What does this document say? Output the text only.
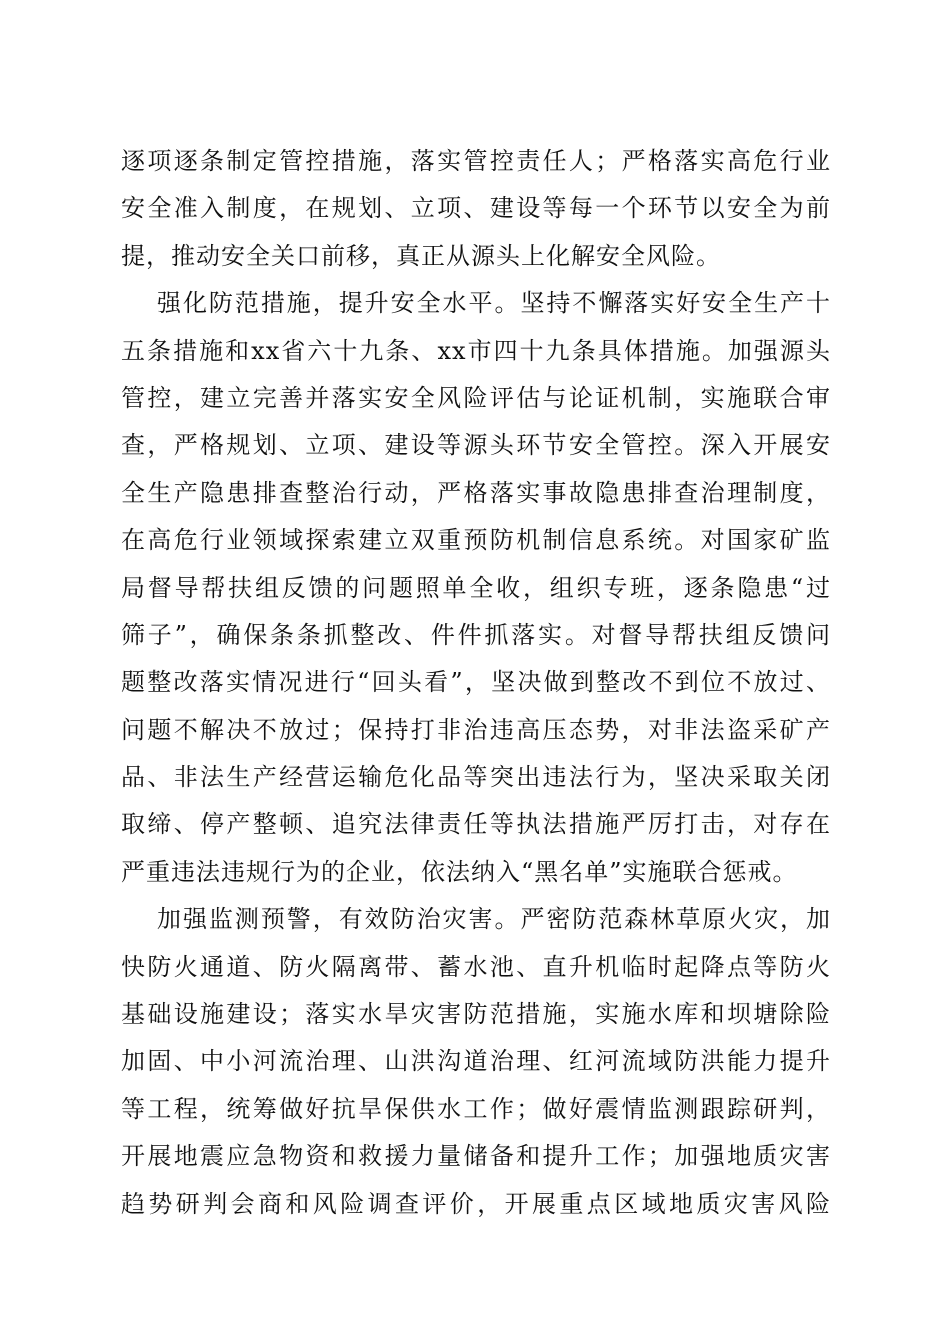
逐项逐条制定管控措施，落实管控责任人；严格落实高危行业
安全准入制度，在规划、立项、建设等每一个环节以安全为前
提，推动安全关口前移，真正从源头上化解安全风险。
强化防范措施，提升安全水平。坚持不懈落实好安全生产十
五条措施和xx省六十九条、xx市四十九条具体措施。加强源头
管控，建立完善并落实安全风险评估与论证机制，实施联合审
查，严格规划、立项、建设等源头环节安全管控。深入开展安
全生产隐患排查整治行动，严格落实事故隐患排查治理制度，
在高危行业领域探索建立双重预防机制信息系统。对国家矿监
局督导帮扶组反馈的问题照单全收，组织专班，逐条隐患“过
筛子”，确保条条抓整改、件件抓落实。对督导帮扶组反馈问
题整改落实情况进行“回头看”，坚决做到整改不到位不放过、
问题不解决不放过；保持打非治违高压态势，对非法盗采矿产
品、非法生产经营运输危化品等突出违法行为，坚决采取关闭
取缔、停产整顿、追究法律责任等执法措施严厉打击，对存在
严重违法违规行为的企业，依法纳入“黑名单”实施联合惩戒。
加强监测预警，有效防治灾害。严密防范森林草原火灾，加
快防火通道、防火隔离带、蓄水池、直升机临时起降点等防火
基础设施建设；落实水旱灾害防范措施，实施水库和坝塘除险
加固、中小河流治理、山洪沟道治理、红河流域防洪能力提升
等工程，统筹做好抗旱保供水工作；做好震情监测跟踪研判，
开展地震应急物资和救援力量储备和提升工作；加强地质灾害
趋势研判会商和风险调查评价，开展重点区域地质灾害风险
